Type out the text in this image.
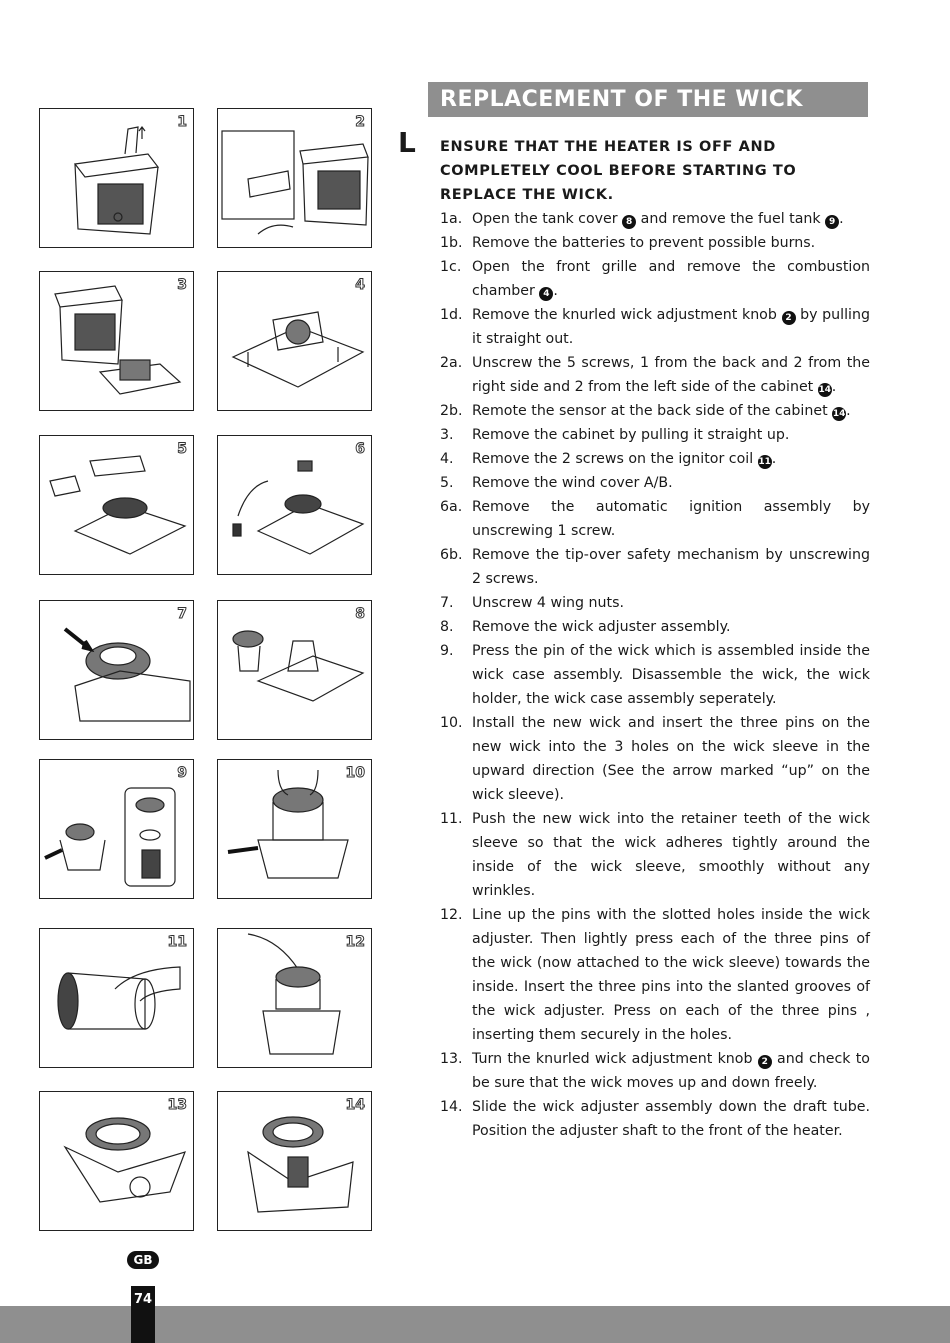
1	2
3	4
5	6
7	8
9	10
11	12
13	14
REPLACEMENT OF THE WICK
L ENSURE THAT THE HEATER IS OFF AND COMPLETELY COOL BEFORE STARTING TO REPLACE THE WICK.
1a. Open the tank cover 8 and remove the fuel tank 9 .
1b. Remove the batteries to prevent possible burns.
1c. Open the front grille and remove the combustion chamber 4 .
1d. Remove the knurled wick adjustment knob 2 by pulling it straight out.
2a. Unscrew the 5 screws, 1 from the back and 2 from the right side and 2 from the left side of the cabinet 14.
2b. Remote the sensor at the back side of the cabinet 14.
3. Remove the cabinet by pulling it straight up.
4. Remove the 2 screws on the ignitor coil 11.
5. Remove the wind cover A/B.
6a. Remove the automatic ignition assembly by unscrewing 1 screw.
6b. Remove the tip-over safety mechanism by unscrewing 2 screws.
7. Unscrew 4 wing nuts.
8. Remove the wick adjuster assembly.
9. Press the pin of the wick which is assembled inside the wick case assembly. Disassemble the wick, the wick holder, the wick case assembly seperately.
10. Install the new wick and insert the three pins on the new wick into the 3 holes on the wick sleeve in the upward direction (See the arrow marked “up” on the wick sleeve).
11. Push the new wick into the retainer teeth of the wick sleeve so that the wick adheres tightly around the inside of the wick sleeve, smoothly without any wrinkles.
12. Line up the pins with the slotted holes inside the wick adjuster. Then lightly press each of the three pins of the wick (now attached to the wick sleeve) towards the inside. Insert the three pins into the slanted grooves of the wick adjuster. Press on each of the three pins , inserting them securely in the holes.
13. Turn the knurled wick adjustment knob 2 and check to be sure that the wick moves up and down freely.
14. Slide the wick adjuster assembly down the draft tube. Position the adjuster shaft to the front of the heater.
GB
74
